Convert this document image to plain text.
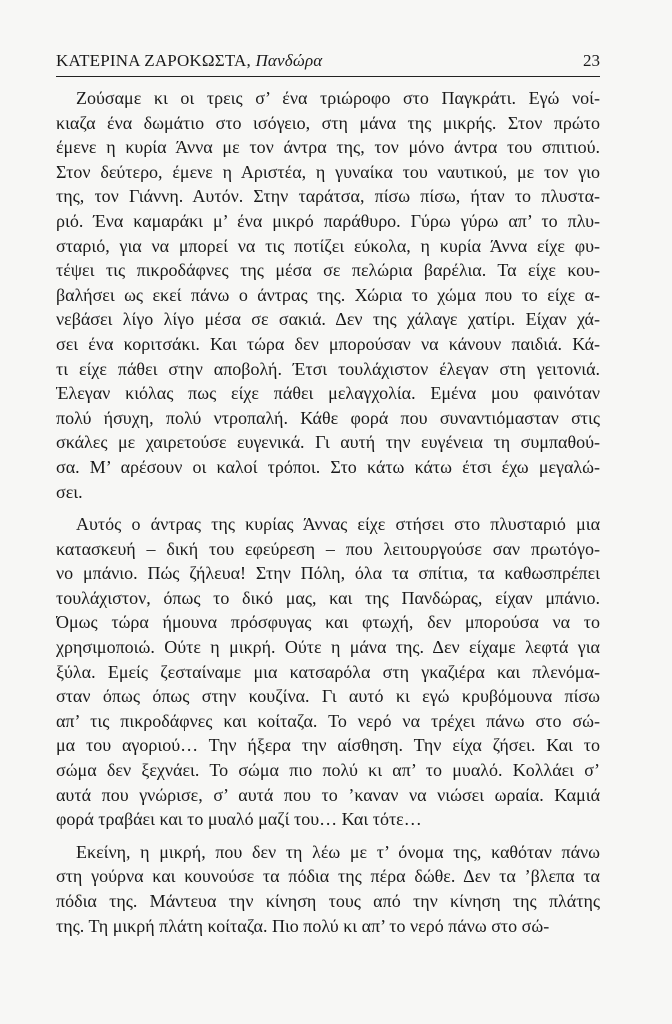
ΚΑΤΕΡΙΝΑ ΖΑΡΟΚΩΣΤΑ, Πανδώρα	23

Ζούσαμε κι οι τρεις σ’ ένα τριώροφο στο Παγκράτι. Εγώ νοί-
κιαζα ένα δωμάτιο στο ισόγειο, στη μάνα της μικρής. Στον πρώτο
έμενε η κυρία Άννα με τον άντρα της, τον μόνο άντρα του σπιτιού.
Στον δεύτερο, έμενε η Αριστέα, η γυναίκα του ναυτικού, με τον γιο
της, τον Γιάννη. Αυτόν. Στην ταράτσα, πίσω πίσω, ήταν το πλυστα-
ριό. Ένα καμαράκι μ’ ένα μικρό παράθυρο. Γύρω γύρω απ’ το πλυ-
σταριό, για να μπορεί να τις ποτίζει εύκολα, η κυρία Άννα είχε φυ-
τέψει τις πικροδάφνες της μέσα σε πελώρια βαρέλια. Τα είχε κου-
βαλήσει ως εκεί πάνω ο άντρας της. Χώρια το χώμα που το είχε α-
νεβάσει λίγο λίγο μέσα σε σακιά. Δεν της χάλαγε χατίρι. Είχαν χά-
σει ένα κοριτσάκι. Και τώρα δεν μπορούσαν να κάνουν παιδιά. Κά-
τι είχε πάθει στην αποβολή. Έτσι τουλάχιστον έλεγαν στη γειτονιά.
Έλεγαν κιόλας πως είχε πάθει μελαγχολία. Εμένα μου φαινόταν
πολύ ήσυχη, πολύ ντροπαλή. Κάθε φορά που συναντιόμασταν στις
σκάλες με χαιρετούσε ευγενικά. Γι αυτή την ευγένεια τη συμπαθού-
σα. Μ’ αρέσουν οι καλοί τρόποι. Στο κάτω κάτω έτσι έχω μεγαλώ-
σει.

Αυτός ο άντρας της κυρίας Άννας είχε στήσει στο πλυσταριό μια
κατασκευή – δική του εφεύρεση – που λειτουργούσε σαν πρωτόγο-
νο μπάνιο. Πώς ζήλευα! Στην Πόλη, όλα τα σπίτια, τα καθωσπρέπει
τουλάχιστον, όπως το δικό μας, και της Πανδώρας, είχαν μπάνιο.
Όμως τώρα ήμουνα πρόσφυγας και φτωχή, δεν μπορούσα να το
χρησιμοποιώ. Ούτε η μικρή. Ούτε η μάνα της. Δεν είχαμε λεφτά για
ξύλα. Εμείς ζεσταίναμε μια κατσαρόλα στη γκαζιέρα και πλενόμα-
σταν όπως όπως στην κουζίνα. Γι αυτό κι εγώ κρυβόμουνα πίσω
απ’ τις πικροδάφνες και κοίταζα. Το νερό να τρέχει πάνω στο σώ-
μα του αγοριού… Την ήξερα την αίσθηση. Την είχα ζήσει. Και το
σώμα δεν ξεχνάει. Το σώμα πιο πολύ κι απ’ το μυαλό. Κολλάει σ’
αυτά που γνώρισε, σ’ αυτά που το ’καναν να νιώσει ωραία. Καμιά
φορά τραβάει και το μυαλό μαζί του… Και τότε…

Εκείνη, η μικρή, που δεν τη λέω με τ’ όνομα της, καθόταν πάνω
στη γούρνα και κουνούσε τα πόδια της πέρα δώθε. Δεν τα ’βλεπα τα
πόδια της. Μάντευα την κίνηση τους από την κίνηση της πλάτης
της. Τη μικρή πλάτη κοίταζα. Πιο πολύ κι απ’ το νερό πάνω στο σώ-
